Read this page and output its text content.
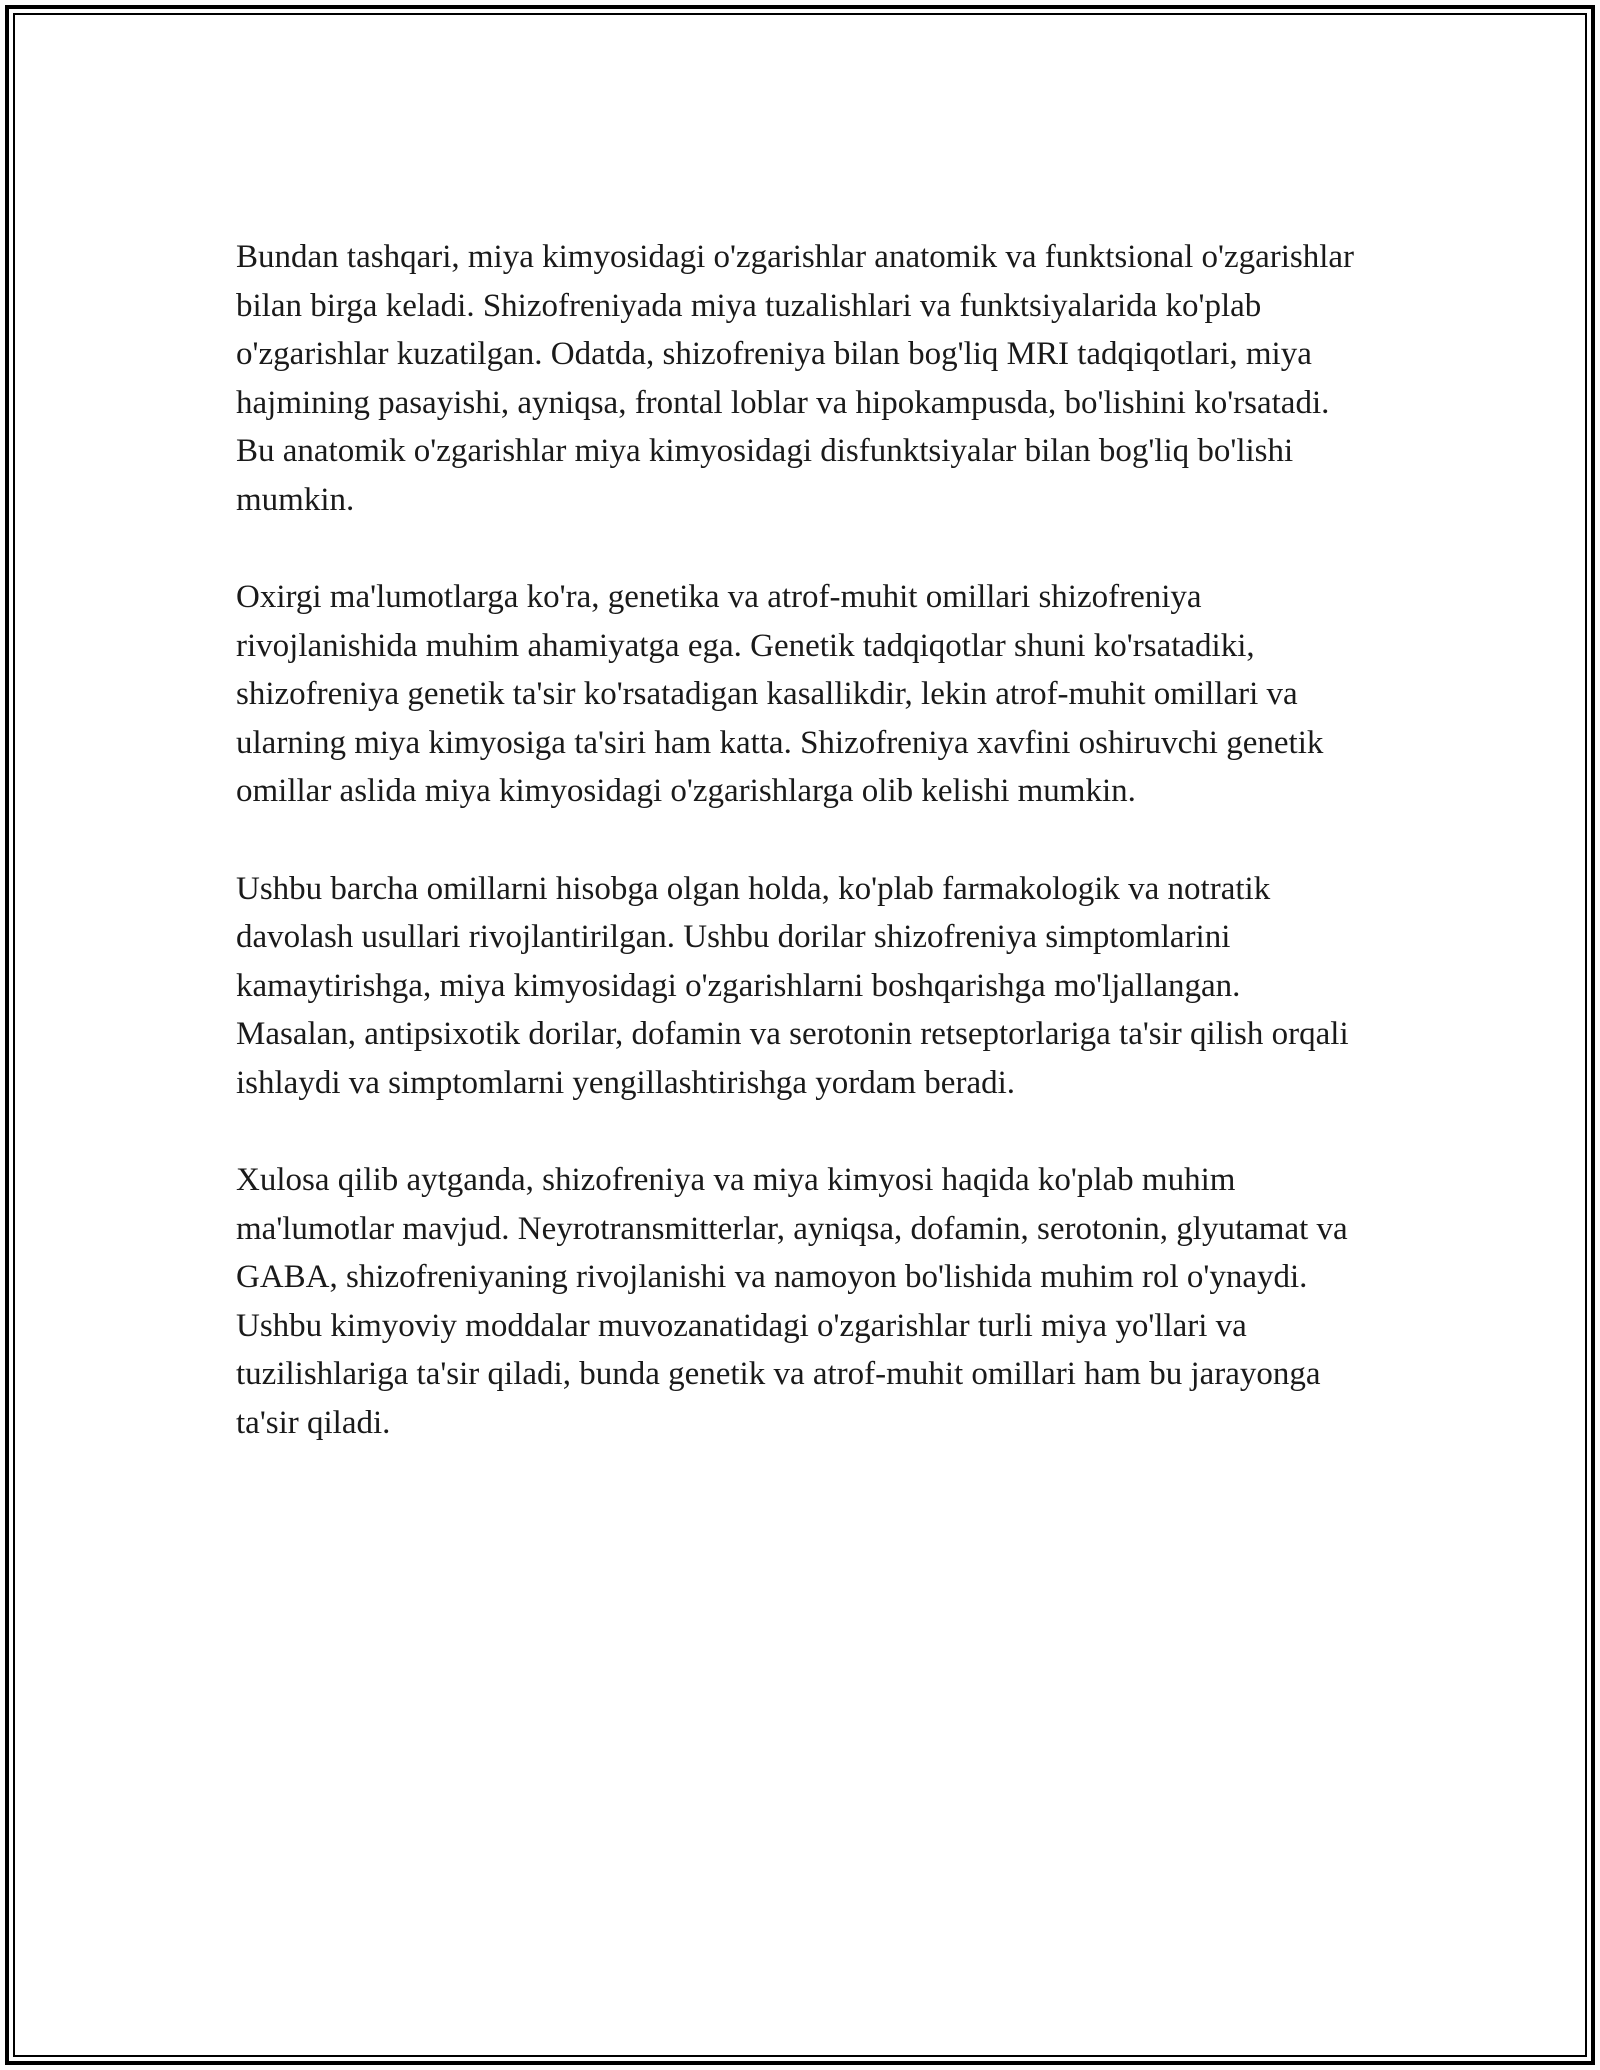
Bundan tashqari, miya kimyosidagi o'zgarishlar anatomik va funktsional o'zgarishlar bilan birga keladi. Shizofreniyada miya tuzalishlari va funktsiyalarida ko'plab o'zgarishlar kuzatilgan. Odatda, shizofreniya bilan bog'liq MRI tadqiqotlari, miya hajmining pasayishi, ayniqsa, frontal loblar va hipokampusda, bo'lishini ko'rsatadi. Bu anatomik o'zgarishlar miya kimyosidagi disfunktsiyalar bilan bog'liq bo'lishi mumkin.

Oxirgi ma'lumotlarga ko'ra, genetika va atrof-muhit omillari shizofreniya rivojlanishida muhim ahamiyatga ega. Genetik tadqiqotlar shuni ko'rsatadiki, shizofreniya genetik ta'sir ko'rsatadigan kasallikdir, lekin atrof-muhit omillari va ularning miya kimyosiga ta'siri ham katta. Shizofreniya xavfini oshiruvchi genetik omillar aslida miya kimyosidagi o'zgarishlarga olib kelishi mumkin.

Ushbu barcha omillarni hisobga olgan holda, ko'plab farmakologik va notratik davolash usullari rivojlantirilgan. Ushbu dorilar shizofreniya simptomlarini kamaytirishga, miya kimyosidagi o'zgarishlarni boshqarishga mo'ljallangan. Masalan, antipsixotik dorilar, dofamin va serotonin retseptorlariga ta'sir qilish orqali ishlaydi va simptomlarni yengillashtirishga yordam beradi.

Xulosa qilib aytganda, shizofreniya va miya kimyosi haqida ko'plab muhim ma'lumotlar mavjud. Neyrotransmitterlar, ayniqsa, dofamin, serotonin, glyutamat va GABA, shizofreniyaning rivojlanishi va namoyon bo'lishida muhim rol o'ynaydi. Ushbu kimyoviy moddalar muvozanatidagi o'zgarishlar turli miya yo'llari va tuzilishlariga ta'sir qiladi, bunda genetik va atrof-muhit omillari ham bu jarayonga ta'sir qiladi.
